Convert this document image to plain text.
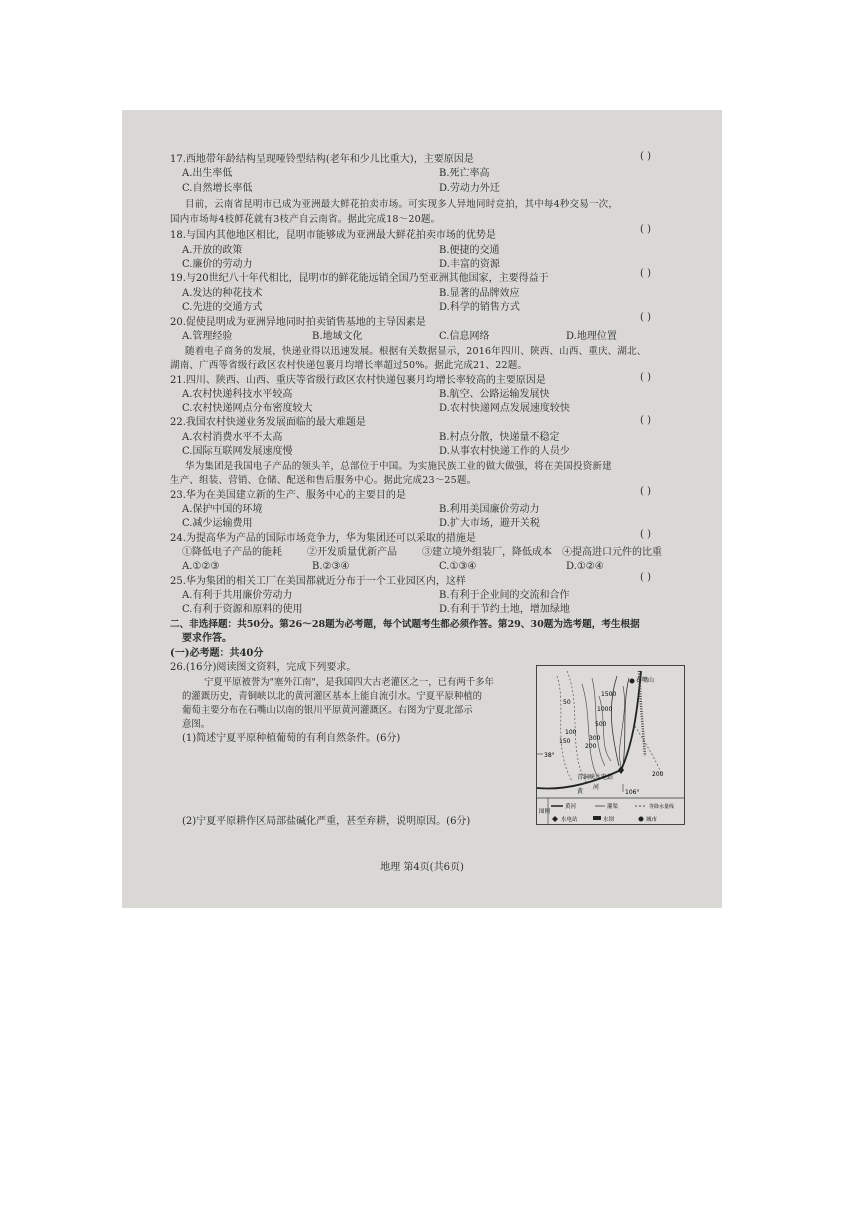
17.西地带年龄结构呈现哑铃型结构(老年和少儿比重大)，主要原因是	( )
A.出生率低	B.死亡率高
C.自然增长率低	D.劳动力外迁
目前，云南省昆明市已成为亚洲最大鲜花拍卖市场。可实现多人异地同时竞拍，其中每4秒交易一次，
国内市场每4枝鲜花就有3枝产自云南省。据此完成18～20题。
18.与国内其他地区相比，昆明市能够成为亚洲最大鲜花拍卖市场的优势是
( )
A.开放的政策	B.便捷的交通
C.廉价的劳动力	D.丰富的资源
19.与20世纪八十年代相比，昆明市的鲜花能远销全国乃至亚洲其他国家，主要得益于	( )
A.发达的种花技术	B.显著的品牌效应
C.先进的交通方式	D.科学的销售方式
20.促使昆明成为亚洲异地同时拍卖销售基地的主导因素是	( )
A.管理经验	B.地域文化	C.信息网络	D.地理位置
随着电子商务的发展，快递业得以迅速发展。根据有关数据显示，2016年四川、陕西、山西、重庆、湖北、
湖南、广西等省级行政区农村快递包裹月均增长率超过50%。据此完成21、22题。
21.四川、陕西、山西、重庆等省级行政区农村快递包裹月均增长率较高的主要原因是	( )
A.农村快递科技水平较高	B.航空、公路运输发展快
C.农村快递网点分布密度较大	D.农村快递网点发展速度较快
22.我国农村快递业务发展面临的最大难题是	( )
A.农村消费水平不太高	B.村点分散，快递量不稳定
C.国际互联网发展速度慢	D.从事农村快递工作的人员少
华为集团是我国电子产品的领头羊，总部位于中国。为实施民族工业的做大做强，将在美国投资新建
生产、组装、营销、仓储、配送和售后服务中心。据此完成23～25题。
23.华为在美国建立新的生产、服务中心的主要目的是	( )
A.保护中国的环境	B.利用美国廉价劳动力
C.减少运输费用	D.扩大市场，避开关税
24.为提高华为产品的国际市场竞争力，华为集团还可以采取的措施是	( )
①降低电子产品的能耗	②开发质量优新产品	③建立境外组装厂，降低成本 ④提高进口元件的比重
A.①②③	B.②③④	C.①③④	D.①②④
25.华为集团的相关工厂在美国都就近分布于一个工业园区内，这样	( )
A.有利于共用廉价劳动力	B.有利于企业间的交流和合作
C.有利于资源和原料的使用	D.有利于节约土地，增加绿地
二、非选择题：共50分。第26～28题为必考题，每个试题考生都必须作答。第29、30题为选考题，考生根据
要求作答。
(一)必考题：共40分
26.(16分)阅读图文资料，完成下列要求。
宁夏平原被誉为"塞外江南"，是我国四大古老灌区之一，已有两千多年
的灌溉历史，青铜峡以北的黄河灌区基本上能自流引水。宁夏平原种植的
葡萄主要分布在石嘴山以南的银川平原黄河灌溉区。右图为宁夏北部示
意图。
(1)简述宁夏平原种植葡萄的有利自然条件。(6分)
(2)宁夏平原耕作区局部盐碱化严重，甚至弃耕，说明原因。(6分)
50
100
150
200
300
500
1000
1500
200
38°
106°
石嘴山
青铜峡水电站
黄
河
图例
黄河	灌渠	等降水量线
水电站	水坝	城市
地理 第4页(共6页)
